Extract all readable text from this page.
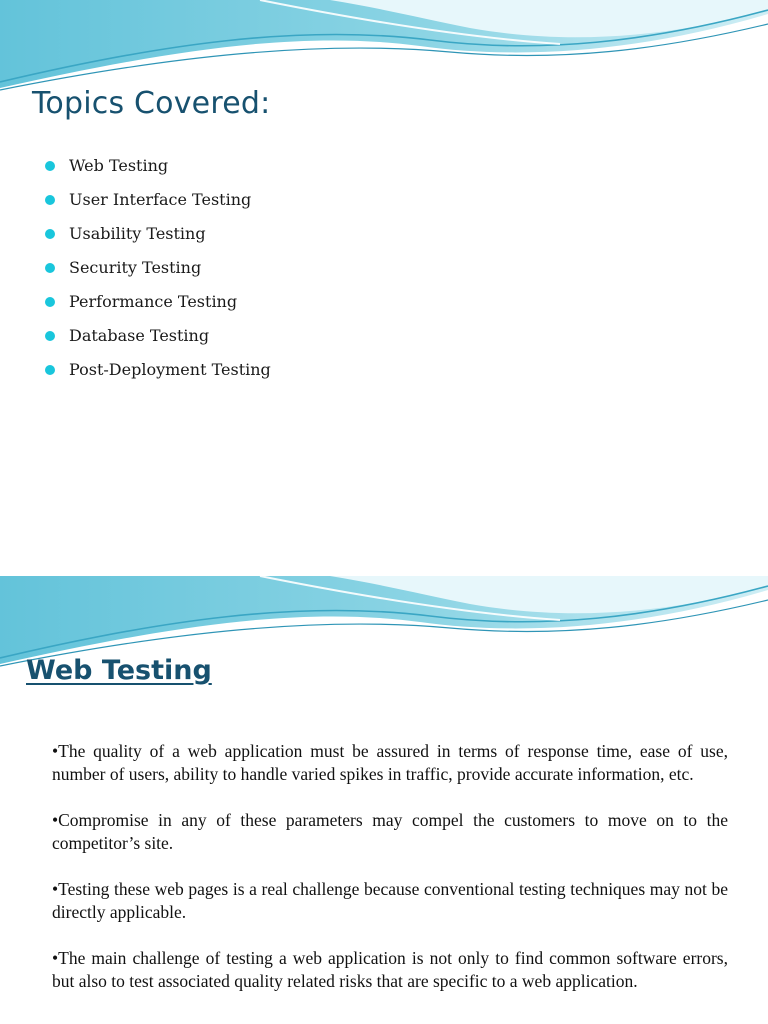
Topics Covered:
Web Testing
User Interface Testing
Usability Testing
Security Testing
Performance Testing
Database Testing
Post-Deployment Testing
Web Testing

•The quality of a web application must be assured in terms of response time, ease of use, number of users, ability to handle varied spikes in traffic, provide accurate information, etc.

•Compromise in any of these parameters may compel the customers to move on to the competitor’s site.

•Testing these web pages is a real challenge because conventional testing techniques may not be directly applicable.

•The main challenge of testing a web application is not only to find common software errors, but also to test associated quality related risks that are specific to a web application.
